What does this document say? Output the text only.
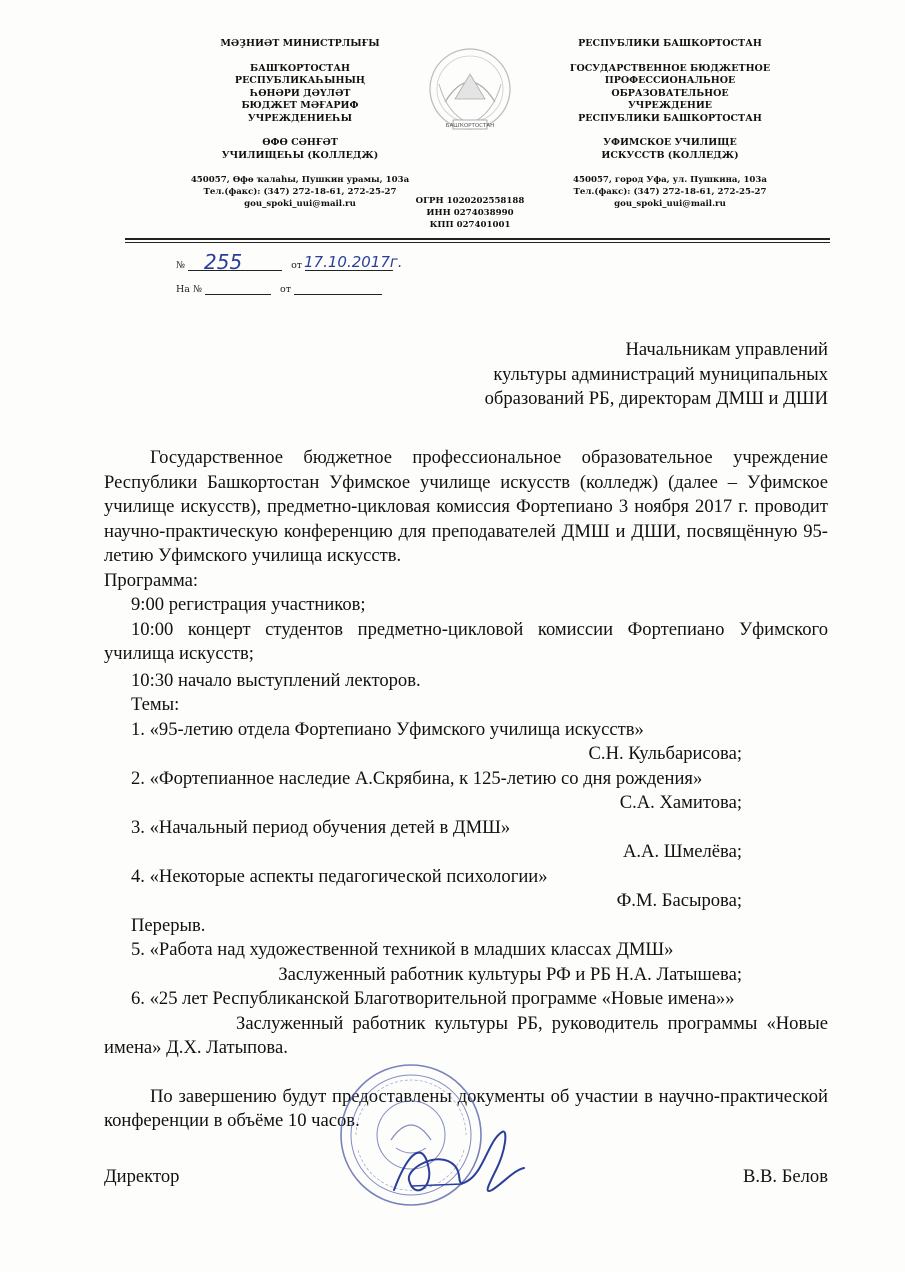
МӘҘНИӘТ МИНИСТРЛЫҒЫ
БАШҠОРТОСТАН
РЕСПУБЛИКАҺЫНЫҢ
ҺӨНӘРИ ДӘҮЛӘТ
БЮДЖЕТ МӘҒАРИФ
УЧРЕЖДЕНИЕҺЫ
ӨФӨ СӘНҒӘТ
УЧИЛИЩЕҺЫ (КОЛЛЕДЖ)
450057, Өфө ҡалаһы, Пушкин урамы, 103а
Тел.(факс): (347) 272-18-61, 272-25-27
gou_spoki_uui@mail.ru
БАШҠОРТОСТАН
РЕСПУБЛИКИ БАШКОРТОСТАН
ГОСУДАРСТВЕННОЕ БЮДЖЕТНОЕ
ПРОФЕССИОНАЛЬНОЕ
ОБРАЗОВАТЕЛЬНОЕ
УЧРЕЖДЕНИЕ
РЕСПУБЛИКИ БАШКОРТОСТАН
УФИМСКОЕ УЧИЛИЩЕ
ИСКУССТВ (КОЛЛЕДЖ)
450057, город Уфа, ул. Пушкина, 103а
Тел.(факс): (347) 272-18-61, 272-25-27
gou_spoki_uui@mail.ru
ОГРН 1020202558188
ИНН 0274038990
КПП 027401001
№	от
255	17.10.2017г.
На №	от
Начальникам управлений
культуры администраций муниципальных
образований РБ, директорам ДМШ и ДШИ

Государственное бюджетное профессиональное образовательное учреждение Республики Башкортостан Уфимское училище искусств (колледж) (далее – Уфимское училище искусств), предметно-цикловая комиссия Фортепиано 3 ноября 2017 г. проводит научно-практическую конференцию для преподавателей ДМШ и ДШИ, посвящённую 95-летию Уфимского училища искусств.

Программа:

9:00 регистрация участников;

10:00 концерт студентов предметно-цикловой комиссии Фортепиано Уфимского училища искусств;

10:30 начало выступлений лекторов.

Темы:

1. «95-летию отдела Фортепиано Уфимского училища искусств»

С.Н. Кульбарисова;

2. «Фортепианное наследие А.Скрябина, к 125-летию со дня рождения»

С.А. Хамитова;

3. «Начальный период обучения детей в ДМШ»

А.А. Шмелёва;

4. «Некоторые аспекты педагогической психологии»

Ф.М. Басырова;

Перерыв.

5. «Работа над художественной техникой в младших классах ДМШ»

Заслуженный работник культуры РФ и РБ Н.А. Латышева;

6. «25 лет Республиканской Благотворительной программе «Новые имена»»

Заслуженный работник культуры РБ, руководитель программы «Новые имена» Д.Х. Латыпова.

По завершению будут предоставлены документы об участии в научно-практической конференции в объёме 10 часов.

Директор	В.В. Белов
